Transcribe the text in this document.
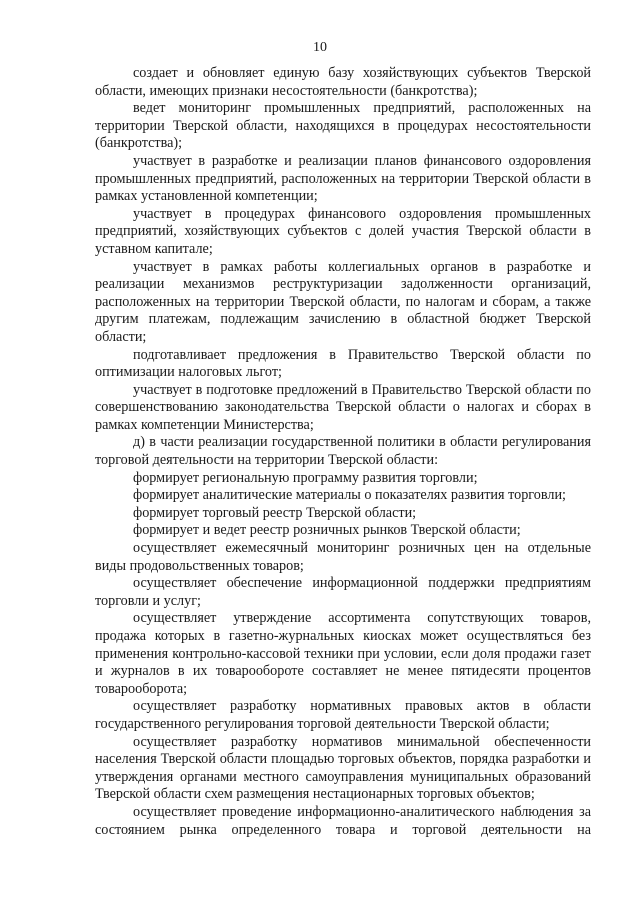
10

создает и обновляет единую базу хозяйствующих субъектов Тверской области, имеющих признаки несостоятельности (банкротства);

ведет мониторинг промышленных предприятий, расположенных на территории Тверской области, находящихся в процедурах несостоятельности (банкротства);

участвует в разработке и реализации планов финансового оздоровления промышленных предприятий, расположенных на территории Тверской области в рамках установленной компетенции;

участвует в процедурах финансового оздоровления промышленных предприятий, хозяйствующих субъектов с долей участия Тверской области в уставном капитале;

участвует в рамках работы коллегиальных органов в разработке и реализации механизмов реструктуризации задолженности организаций, расположенных на территории Тверской области, по налогам и сборам, а также другим платежам, подлежащим зачислению в областной бюджет Тверской области;

подготавливает предложения в Правительство Тверской области по оптимизации налоговых льгот;

участвует в подготовке предложений в Правительство Тверской области по совершенствованию законодательства Тверской области о налогах и сборах в рамках компетенции Министерства;

д) в части реализации государственной политики в области регулирования торговой деятельности на территории Тверской области:

формирует региональную программу развития торговли;

формирует аналитические материалы о показателях развития торговли;

формирует торговый реестр Тверской области;

формирует и ведет реестр розничных рынков Тверской области;

осуществляет ежемесячный мониторинг розничных цен на отдельные виды продовольственных товаров;

осуществляет обеспечение информационной поддержки предприятиям торговли и услуг;

осуществляет утверждение ассортимента сопутствующих товаров, продажа которых в газетно-журнальных киосках может осуществляться без применения контрольно-кассовой техники при условии, если доля продажи газет и журналов в их товарообороте составляет не менее пятидесяти процентов товарооборота;

осуществляет разработку нормативных правовых актов в области государственного регулирования торговой деятельности Тверской области;

осуществляет разработку нормативов минимальной обеспеченности населения Тверской области площадью торговых объектов, порядка разработки и утверждения органами местного самоуправления муниципальных образований Тверской области схем размещения нестационарных торговых объектов;

осуществляет проведение информационно-аналитического наблюдения за состоянием рынка определенного товара и торговой деятельности на
